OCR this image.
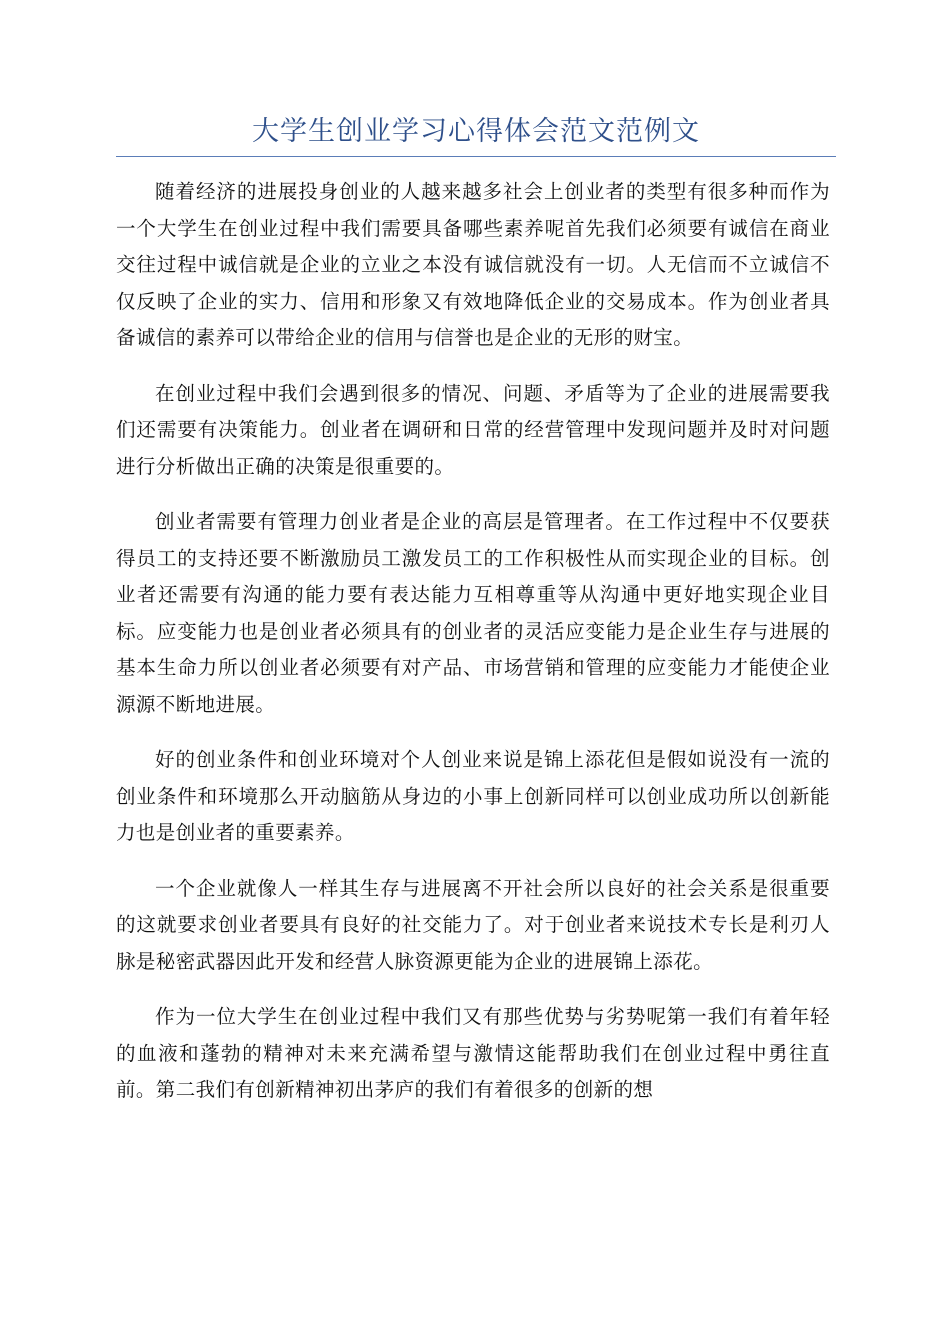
大学生创业学习心得体会范文范例文

随着经济的进展投身创业的人越来越多社会上创业者的类型有很多种而作为一个大学生在创业过程中我们需要具备哪些素养呢首先我们必须要有诚信在商业交往过程中诚信就是企业的立业之本没有诚信就没有一切。人无信而不立诚信不仅反映了企业的实力、信用和形象又有效地降低企业的交易成本。作为创业者具备诚信的素养可以带给企业的信用与信誉也是企业的无形的财宝。

在创业过程中我们会遇到很多的情况、问题、矛盾等为了企业的进展需要我们还需要有决策能力。创业者在调研和日常的经营管理中发现问题并及时对问题进行分析做出正确的决策是很重要的。

创业者需要有管理力创业者是企业的高层是管理者。在工作过程中不仅要获得员工的支持还要不断激励员工激发员工的工作积极性从而实现企业的目标。创业者还需要有沟通的能力要有表达能力互相尊重等从沟通中更好地实现企业目标。应变能力也是创业者必须具有的创业者的灵活应变能力是企业生存与进展的基本生命力所以创业者必须要有对产品、市场营销和管理的应变能力才能使企业源源不断地进展。

好的创业条件和创业环境对个人创业来说是锦上添花但是假如说没有一流的创业条件和环境那么开动脑筋从身边的小事上创新同样可以创业成功所以创新能力也是创业者的重要素养。

一个企业就像人一样其生存与进展离不开社会所以良好的社会关系是很重要的这就要求创业者要具有良好的社交能力了。对于创业者来说技术专长是利刃人脉是秘密武器因此开发和经营人脉资源更能为企业的进展锦上添花。

作为一位大学生在创业过程中我们又有那些优势与劣势呢第一我们有着年轻的血液和蓬勃的精神对未来充满希望与激情这能帮助我们在创业过程中勇往直前。第二我们有创新精神初出茅庐的我们有着很多的创新的想
